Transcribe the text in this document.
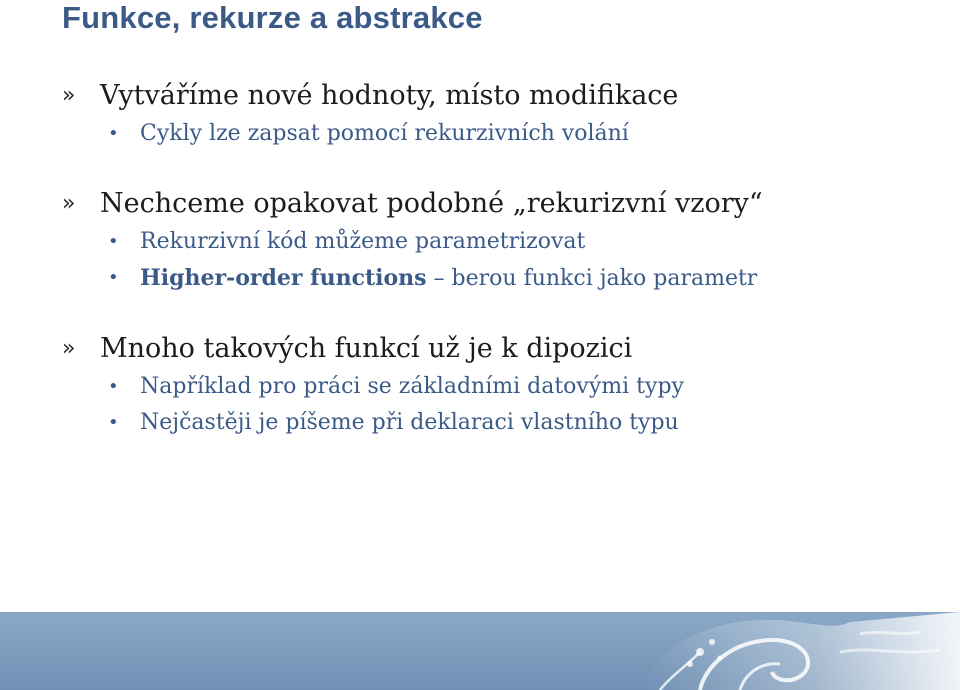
Funkce, rekurze a abstrakce
» Vytváříme nové hodnoty, místo modifikace
• Cykly lze zapsat pomocí rekurzivních volání
» Nechceme opakovat podobné „rekurizvní vzory“
• Rekurzivní kód můžeme parametrizovat
• Higher-order functions – berou funkci jako parametr
» Mnoho takových funkcí už je k dipozici
• Například pro práci se základními datovými typy
• Nejčastěji je píšeme při deklaraci vlastního typu
